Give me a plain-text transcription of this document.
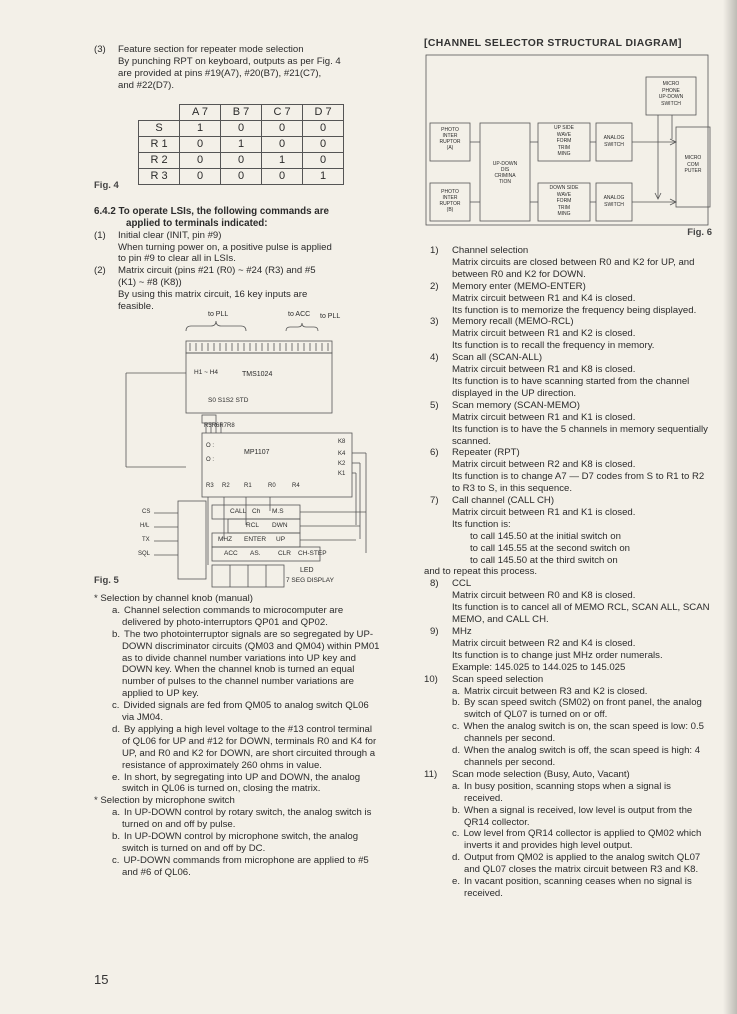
(3) Feature section for repeater mode selection
By punching RPT on keyboard, outputs as per Fig. 4
are provided at pins #19(A7), #20(B7), #21(C7),
and #22(D7).
	A 7	B 7	C 7	D 7
S	1	0	0	0
R 1	0	1	0	0
R 2	0	0	1	0
R 3	0	0	0	1
Fig. 4
6.4.2 To operate LSIs, the following commands are
applied to terminals indicated:
(1) Initial clear (INIT, pin #9)
When turning power on, a positive pulse is applied
to pin #9 to clear all in LSIs.
(2) Matrix circuit (pins #21 (R0) ~ #24 (R3) and #5
(K1) ~ #8 (K8))
By using this matrix circuit, 16 key inputs are
feasible.
to PLL	to ACC to PLL
H1 ~ H4	TMS1024
S0 S1S2 STD
R5R6R7R8
MP1107
O :
O :
K8
K4
K2
K1
R3 R2 R1	R0	R4
CS
H/L
TX
SQL
CALL Ch M.S
RCL DWN
MHZ ENTER UP
ACC AS.	CLR CH-STEP
LED
7 SEG DISPLAY
Fig. 5
* Selection by channel knob (manual)
a. Channel selection commands to microcomputer are delivered by photo-interruptors QP01 and QP02.
b. The two photointerruptor signals are so segregated by UP-DOWN discriminator circuits (QM03 and QM04) within PM01 as to divide channel number variations into UP key and DOWN key. When the channel knob is turned an equal number of pulses to the channel number variations are applied to UP key.
c. Divided signals are fed from QM05 to analog switch QL06 via JM04.
d. By applying a high level voltage to the #13 control terminal of QL06 for UP and #12 for DOWN, terminals R0 and K4 for UP, and R0 and K2 for DOWN, are short circuited through a resistance of approximately 260 ohms in value.
e. In short, by segregating into UP and DOWN, the analog switch in QL06 is turned on, closing the matrix.
* Selection by microphone switch
a. In UP-DOWN control by rotary switch, the analog switch is turned on and off by pulse.
b. In UP-DOWN control by microphone switch, the analog switch is turned on and off by DC.
c. UP-DOWN commands from microphone are applied to #5 and #6 of QL06.
[CHANNEL SELECTOR STRUCTURAL DIAGRAM]
PHOTO
INTER
RUPTOR
(A)
PHOTO
INTER
RUPTOR
(B)
UP-DOWN
DIS
CRIMINA
TION
UP SIDE
WAVE
FORM
TRIM
MING
DOWN SIDE
WAVE
FORM
TRIM
MING
ANALOG
SWITCH
ANALOG
SWITCH
MICRO
PHONE
UP-DOWN
SWITCH
MICRO
COM
PUTER
Fig. 6
1) Channel selection
Matrix circuits are closed between R0 and K2 for UP, and between R0 and K2 for DOWN.
2) Memory enter (MEMO-ENTER)
Matrix circuit between R1 and K4 is closed.
Its function is to memorize the frequency being displayed.
3) Memory recall (MEMO-RCL)
Matrix circuit between R1 and K2 is closed.
Its function is to recall the frequency in memory.
4) Scan all (SCAN-ALL)
Matrix circuit between R1 and K8 is closed.
Its function is to have scanning started from the channel displayed in the UP direction.
5) Scan memory (SCAN-MEMO)
Matrix circuit between R1 and K1 is closed.
Its function is to have the 5 channels in memory sequentially scanned.
6) Repeater (RPT)
Matrix circuit between R2 and K8 is closed.
Its function is to change A7 — D7 codes from S to R1 to R2 to R3 to S, in this sequence.
7) Call channel (CALL CH)
Matrix circuit between R1 and K1 is closed.
Its function is:
to call 145.50 at the initial switch on
to call 145.55 at the second switch on
to call 145.50 at the third switch on
and to repeat this process.
8) CCL
Matrix circuit between R0 and K8 is closed.
Its function is to cancel all of MEMO RCL, SCAN ALL, SCAN MEMO, and CALL CH.
9) MHz
Matrix circuit between R2 and K4 is closed.
Its function is to change just MHz order numerals.
Example: 145.025 to 144.025 to 145.025
10) Scan speed selection
a. Matrix circuit between R3 and K2 is closed.
b. By scan speed switch (SM02) on front panel, the analog switch of QL07 is turned on or off.
c. When the analog switch is on, the scan speed is low: 0.5 channels per second.
d. When the analog switch is off, the scan speed is high: 4 channels per second.
11) Scan mode selection (Busy, Auto, Vacant)
a. In busy position, scanning stops when a signal is received.
b. When a signal is received, low level is output from the QR14 collector.
c. Low level from QR14 collector is applied to QM02 which inverts it and provides high level output.
d. Output from QM02 is applied to the analog switch QL07 and QL07 closes the matrix circuit between R3 and K8.
e. In vacant position, scanning ceases when no signal is received.
15
